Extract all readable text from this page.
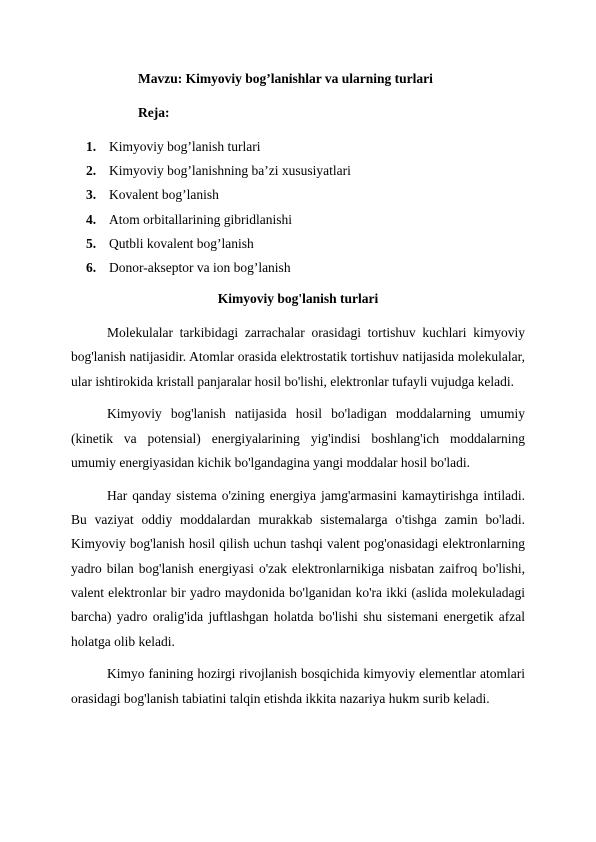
Mavzu: Kimyoviy bog’lanishlar va ularning turlari
Reja:
1. Kimyoviy bog’lanish turlari
2. Kimyoviy bog’lanishning ba’zi xususiyatlari
3. Kovalent bog’lanish
4. Atom orbitallarining gibridlanishi
5. Qutbli kovalent bog’lanish
6. Donor-akseptor va ion bog’lanish
Kimyoviy bog'lanish turlari

Molekulalar tarkibidagi zarrachalar orasidagi tortishuv kuchlari kimyoviy bog'lanish natijasidir. Atomlar orasida elektrostatik tortishuv natijasida molekulalar, ular ishtirokida kristall panjaralar hosil bo'lishi, elektronlar tufayli vujudga keladi.

Kimyoviy bog'lanish natijasida hosil bo'ladigan moddalarning umumiy (kinetik va potensial) energiyalarining yig'indisi boshlang'ich moddalarning umumiy energiyasidan kichik bo'lgandagina yangi moddalar hosil bo'ladi.

Har qanday sistema o'zining energiya jamg'armasini kamaytirishga intiladi. Bu vaziyat oddiy moddalardan murakkab sistemalarga o'tishga zamin bo'ladi. Kimyoviy bog'lanish hosil qilish uchun tashqi valent pog'onasidagi elektronlarning yadro bilan bog'lanish energiyasi o'zak elektronlarnikiga nisbatan zaifroq bo'lishi, valent elektronlar bir yadro maydonida bo'lganidan ko'ra ikki (aslida molekuladagi barcha) yadro oralig'ida juftlashgan holatda bo'lishi shu sistemani energetik afzal holatga olib keladi.

Kimyo fanining hozirgi rivojlanish bosqichida kimyoviy elementlar atomlari orasidagi bog'lanish tabiatini talqin etishda ikkita nazariya hukm surib keladi.
